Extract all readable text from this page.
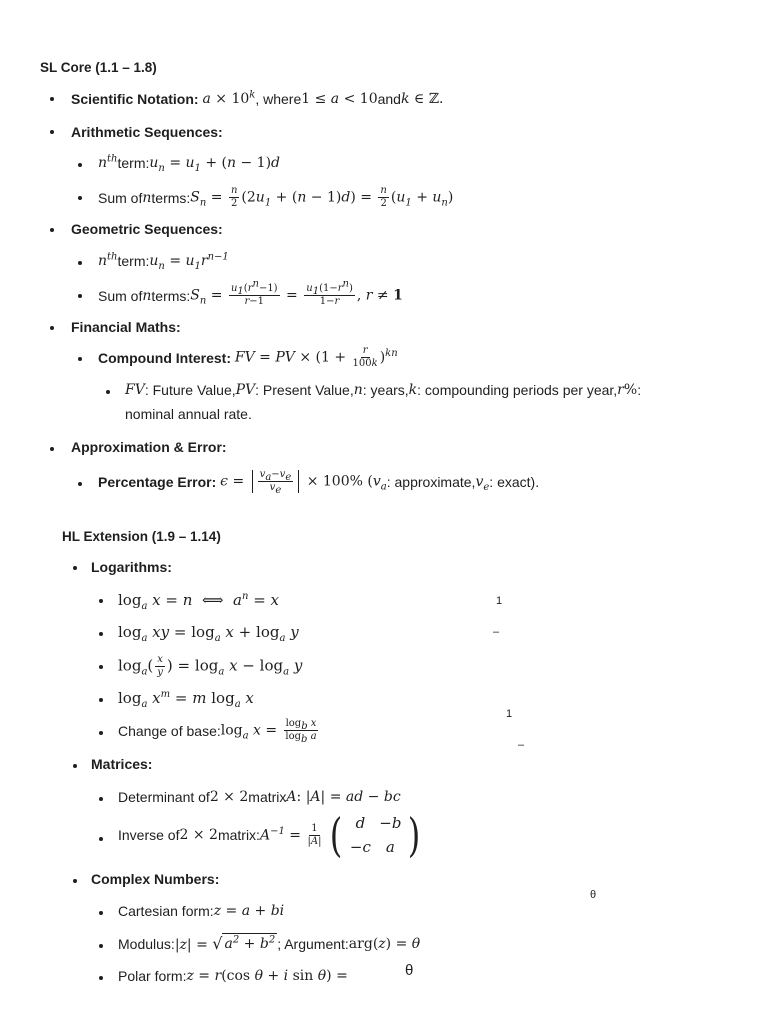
SL Core (1.1 – 1.8)
Scientific Notation:
$a \times 10^k$ , where 1 ≤ a < 10 and k ∈ ℤ.
Arithmetic Sequences:
$n^{th}$ term: $u_n = u_1 + (n - 1)d$
Sum of n terms: $S_n = \frac{n}{2} (2u_1 + (n - 1)d) = \frac{n}{2} (u_1 + u_n)$
Geometric Sequences:
$n^{th}$ term: $u_n = u_1r^{n-1}$
Sum of n terms: $S_n = \frac{u_1(r^n-1)}{r-1} = \frac{u_1(1-r^n)}{1-r}$ , r ≠ 1
Financial Maths:
Compound Interest:
FV = PV × $(1 + \frac{r}{100k} )^{kn}$
FV : Future Value, PV : Present Value, n : years, k : compounding periods per year, r% :
nominal annual rate.
Approximation & Error:
Percentage Error:
$\epsilon = \frac{v_a-v_e}{v_e} \times 100\%$ ($v_a$ : approximate, $v_e$ : exact).
HL Extension (1.9 – 1.14)
Logarithms:
$\log_a x = n$  ⟺  $a^n = x$
$\log_a$ xy = $\log_a x + \log_a y$
$\log_a( \frac{x}{y}$ ) = $\log_a x - \log_a y$
$\log_a x^m = m$ $\log_a x$
Change of base: $\log_a x = \frac{\log_b x}{\log_b a}$
Matrices:
Determinant of 2 × 2 matrix A: |A| = ad − bc
Inverse of 2 × 2 matrix: $A^{-1} = \frac{1}{|A|}$ ( d −b
−c	a )
Complex Numbers:
Cartesian form: z = a + bi
Modulus: |z| = √ $a^2 + b^2$ ; Argument: arg(z) = θ
Polar form: z = r(cos θ + i sin θ) =
1
–
1
–
θ
θ
